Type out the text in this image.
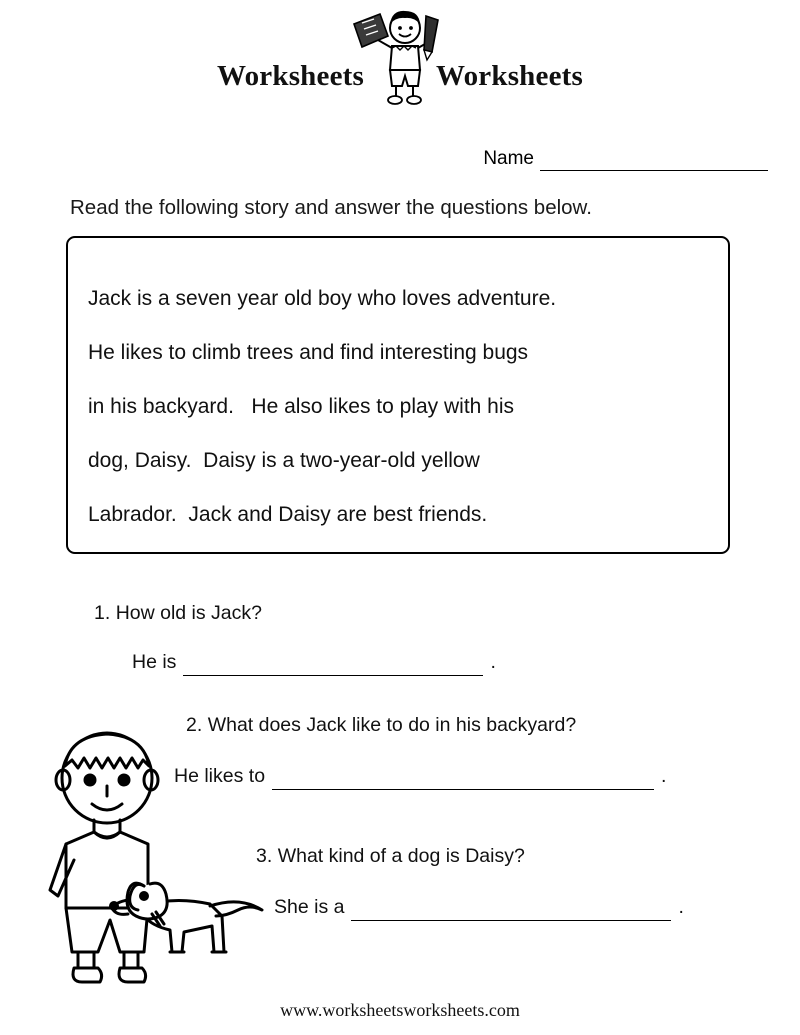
Worksheets Worksheets
Name
Read the following story and answer the questions below.
Jack is a seven year old boy who loves adventure.
He likes to climb trees and find interesting bugs
in his backyard.   He also likes to play with his
dog, Daisy.  Daisy is a two-year-old yellow
Labrador.  Jack and Daisy are best friends.
1. How old is Jack?
He is	.
2. What does Jack like to do in his backyard?
He likes to	.
3. What kind of a dog is Daisy?
She is a	.
www.worksheetsworksheets.com
